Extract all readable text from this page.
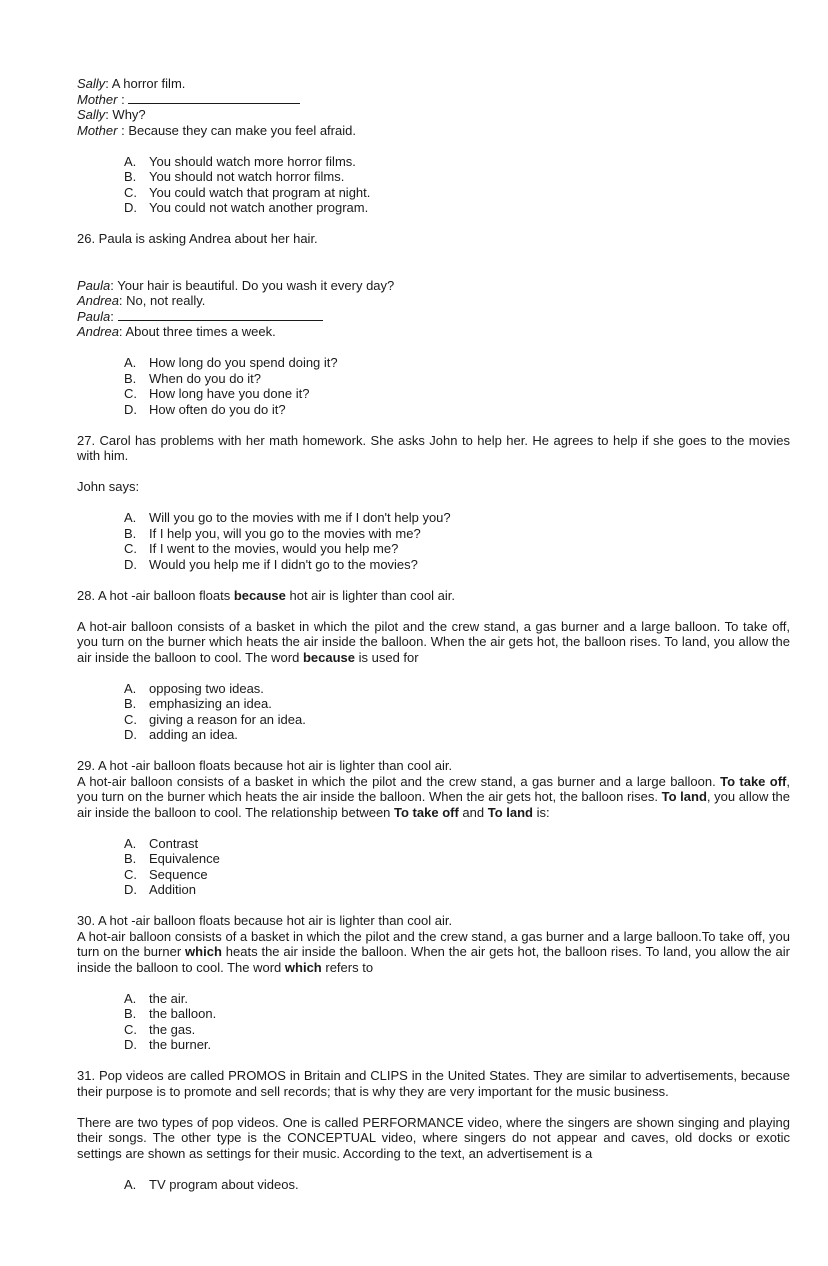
Sally: A horror film.

Mother :

Sally: Why?

Mother : Because they can make you feel afraid.

A. You should watch more horror films.
B. You should not watch horror films.
C. You could watch that program at night.
D. You could not watch another program.

26. Paula is asking Andrea about her hair.

Paula: Your hair is beautiful. Do you wash it every day?

Andrea: No, not really.

Paula:

Andrea: About three times a week.

A. How long do you spend doing it?
B. When do you do it?
C. How long have you done it?
D. How often do you do it?

27. Carol has problems with her math homework. She asks John to help her. He agrees to help if she goes to the movies with him.

John says:

A. Will you go to the movies with me if I don't help you?
B. If I help you, will you go to the movies with me?
C. If I went to the movies, would you help me?
D. Would you help me if I didn't go to the movies?

28. A hot -air balloon floats because hot air is lighter than cool air.

A hot-air balloon consists of a basket in which the pilot and the crew stand, a gas burner and a large balloon. To take off, you turn on the burner which heats the air inside the balloon. When the air gets hot, the balloon rises. To land, you allow the air inside the balloon to cool. The word because is used for

A. opposing two ideas.
B. emphasizing an idea.
C. giving a reason for an idea.
D. adding an idea.

29. A hot -air balloon floats because hot air is lighter than cool air.

A hot-air balloon consists of a basket in which the pilot and the crew stand, a gas burner and a large balloon. To take off, you turn on the burner which heats the air inside the balloon. When the air gets hot, the balloon rises. To land, you allow the air inside the balloon to cool. The relationship between To take off and To land is:

A. Contrast
B. Equivalence
C. Sequence
D. Addition

30. A hot -air balloon floats because hot air is lighter than cool air.

A hot-air balloon consists of a basket in which the pilot and the crew stand, a gas burner and a large balloon.To take off, you turn on the burner which heats the air inside the balloon. When the air gets hot, the balloon rises. To land, you allow the air inside the balloon to cool. The word which refers to

A. the air.
B. the balloon.
C. the gas.
D. the burner.

31. Pop videos are called PROMOS in Britain and CLIPS in the United States. They are similar to advertisements, because their purpose is to promote and sell records; that is why they are very important for the music business.

There are two types of pop videos. One is called PERFORMANCE video, where the singers are shown singing and playing their songs. The other type is the CONCEPTUAL video, where singers do not appear and caves, old docks or exotic settings are shown as settings for their music. According to the text, an advertisement is a

A. TV program about videos.
